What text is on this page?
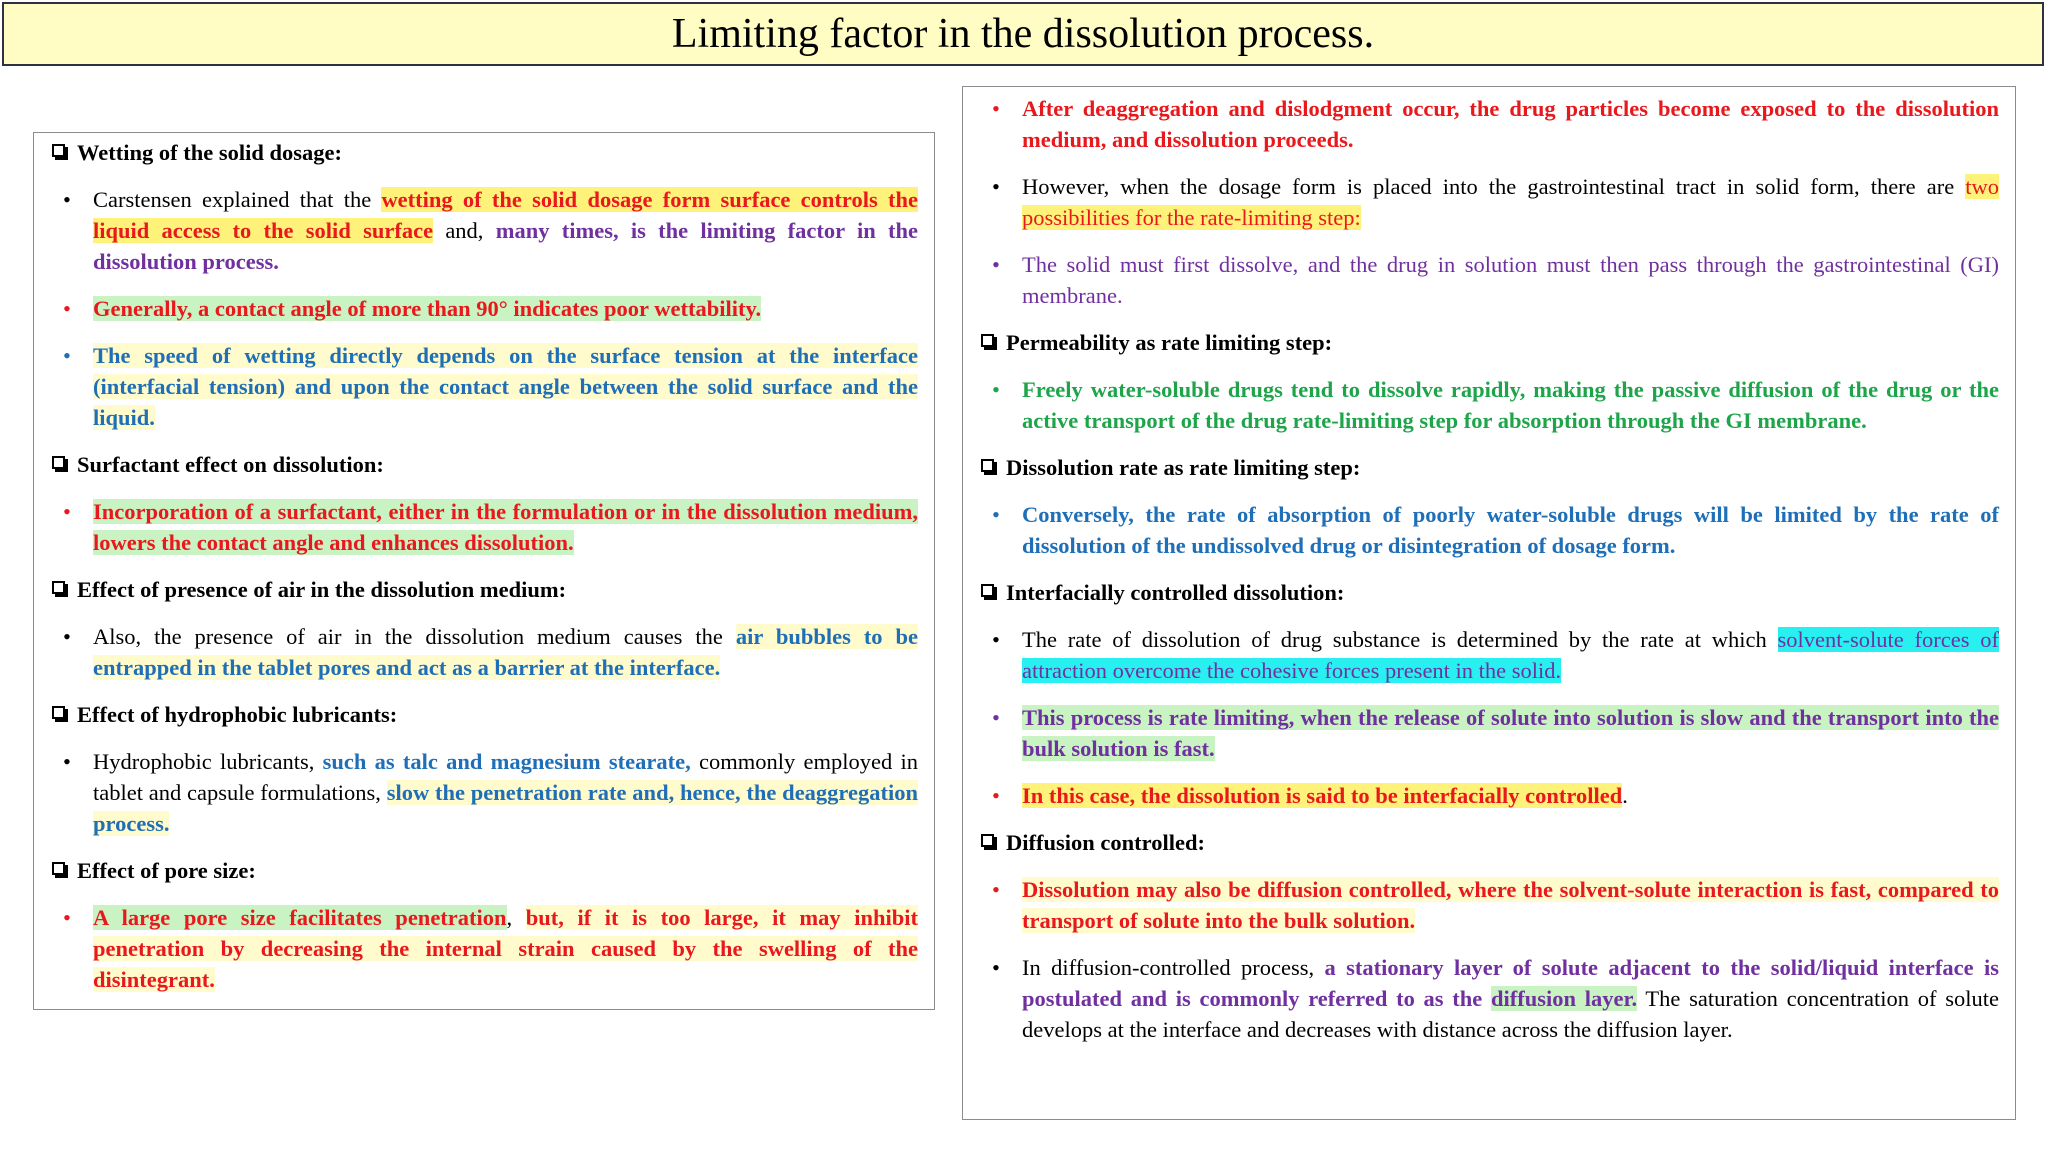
Limiting factor in the dissolution process.
Wetting of the solid dosage:
• Carstensen explained that the wetting of the solid dosage form surface controls the liquid access to the solid surface and, many times, is the limiting factor in the dissolution process.
• Generally, a contact angle of more than 90° indicates poor wettability.
• The speed of wetting directly depends on the surface tension at the interface (interfacial tension) and upon the contact angle between the solid surface and the liquid.
Surfactant effect on dissolution:
• Incorporation of a surfactant, either in the formulation or in the dissolution medium, lowers the contact angle and enhances dissolution.
Effect of presence of air in the dissolution medium:
• Also, the presence of air in the dissolution medium causes the air bubbles to be entrapped in the tablet pores and act as a barrier at the interface.
Effect of hydrophobic lubricants:
• Hydrophobic lubricants, such as talc and magnesium stearate, commonly employed in tablet and capsule formulations, slow the penetration rate and, hence, the deaggregation process.
Effect of pore size:
• A large pore size facilitates penetration, but, if it is too large, it may inhibit penetration by decreasing the internal strain caused by the swelling of the disintegrant.
• After deaggregation and dislodgment occur, the drug particles become exposed to the dissolution medium, and dissolution proceeds.
• However, when the dosage form is placed into the gastrointestinal tract in solid form, there are two possibilities for the rate-limiting step:
• The solid must first dissolve, and the drug in solution must then pass through the gastrointestinal (GI) membrane.
Permeability as rate limiting step:
• Freely water-soluble drugs tend to dissolve rapidly, making the passive diffusion of the drug or the active transport of the drug rate-limiting step for absorption through the GI membrane.
Dissolution rate as rate limiting step:
• Conversely, the rate of absorption of poorly water-soluble drugs will be limited by the rate of dissolution of the undissolved drug or disintegration of dosage form.
Interfacially controlled dissolution:
• The rate of dissolution of drug substance is determined by the rate at which solvent-solute forces of attraction overcome the cohesive forces present in the solid.
• This process is rate limiting, when the release of solute into solution is slow and the transport into the bulk solution is fast.
• In this case, the dissolution is said to be interfacially controlled.
Diffusion controlled:
• Dissolution may also be diffusion controlled, where the solvent-solute interaction is fast, compared to transport of solute into the bulk solution.
• In diffusion-controlled process, a stationary layer of solute adjacent to the solid/liquid interface is postulated and is commonly referred to as the diffusion layer. The saturation concentration of solute develops at the interface and decreases with distance across the diffusion layer.
